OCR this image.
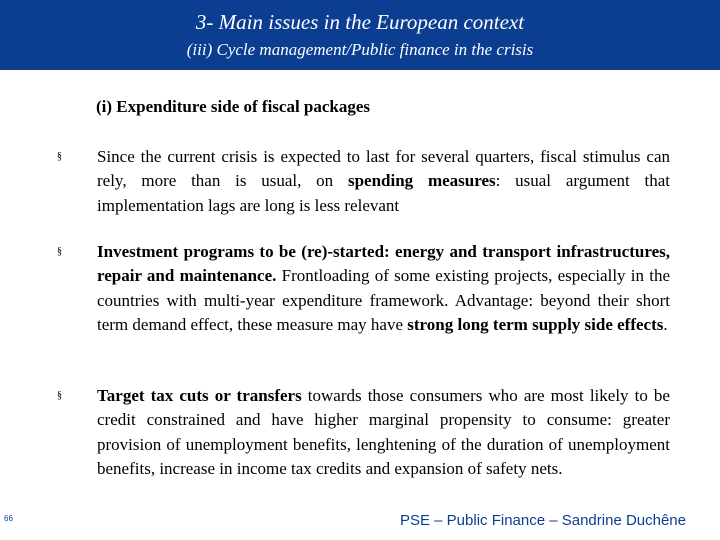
3- Main issues in the European context
(iii) Cycle management/Public finance in the crisis
(i) Expenditure side of fiscal packages
§ Since the current crisis is expected to last for several quarters, fiscal stimulus can rely, more than is usual, on spending measures: usual argument that implementation lags are long is less relevant
§ Investment programs to be (re)-started: energy and transport infrastructures, repair and maintenance. Frontloading of some existing projects, especially in the countries with multi-year expenditure framework. Advantage: beyond their short term demand effect, these measure may have strong long term supply side effects.
§ Target tax cuts or transfers towards those consumers who are most likely to be credit constrained and have higher marginal propensity to consume: greater provision of unemployment benefits, lenghtening of the duration of unemployment benefits, increase in income tax credits and expansion of safety nets.
66	PSE – Public Finance – Sandrine Duchêne
